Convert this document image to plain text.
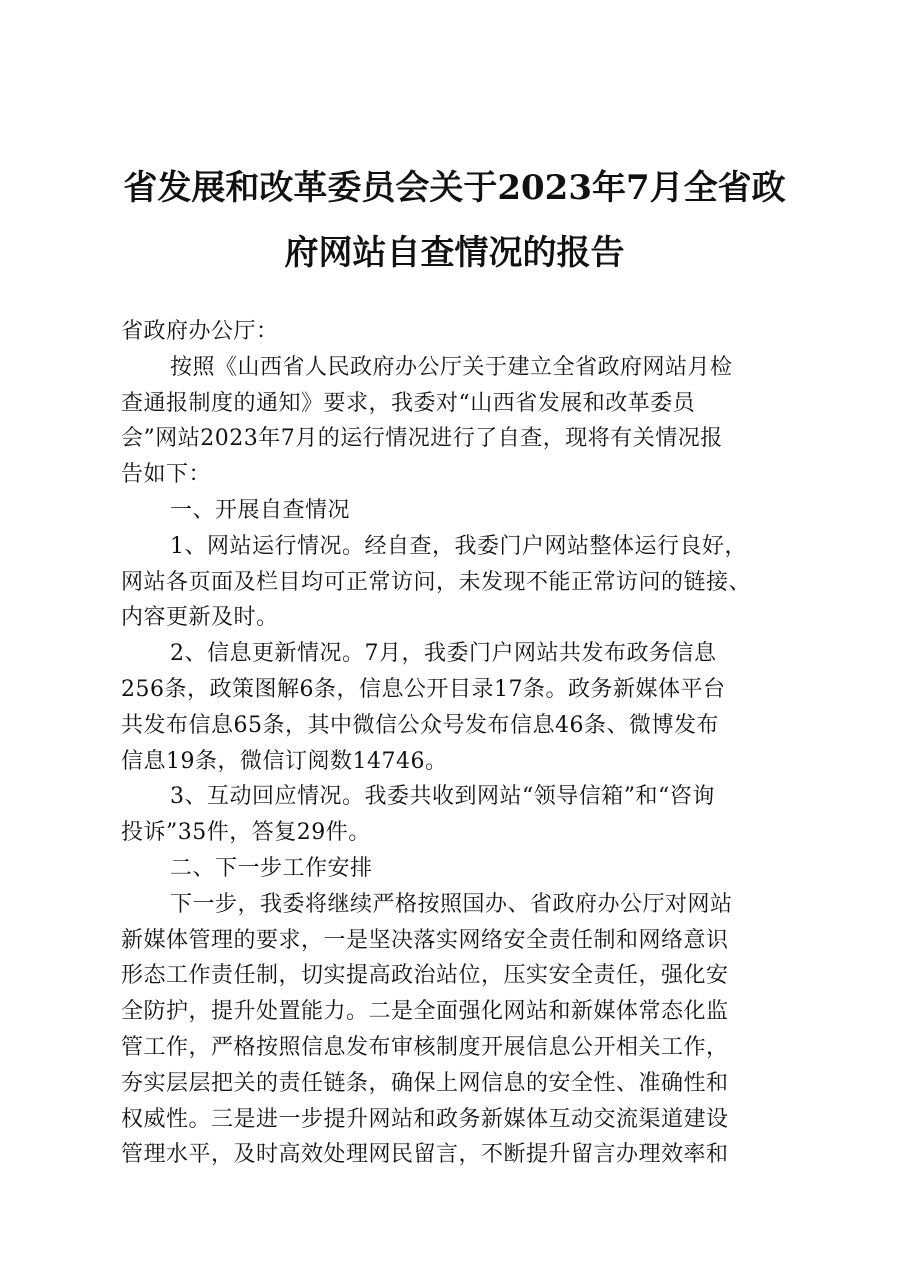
省发展和改革委员会关于2023年7月全省政
府网站自查情况的报告
省政府办公厅：
按照《山西省人民政府办公厅关于建立全省政府网站月检
查通报制度的通知》要求，我委对“山西省发展和改革委员
会”网站2023年7月的运行情况进行了自查，现将有关情况报
告如下：
一、开展自查情况
1、网站运行情况。经自查，我委门户网站整体运行良好，
网站各页面及栏目均可正常访问，未发现不能正常访问的链接、
内容更新及时。
2、信息更新情况。7月，我委门户网站共发布政务信息
256条，政策图解6条，信息公开目录17条。政务新媒体平台
共发布信息65条，其中微信公众号发布信息46条、微博发布
信息19条，微信订阅数14746。
3、互动回应情况。我委共收到网站“领导信箱”和“咨询
投诉”35件，答复29件。
二、下一步工作安排
下一步，我委将继续严格按照国办、省政府办公厅对网站
新媒体管理的要求，一是坚决落实网络安全责任制和网络意识
形态工作责任制，切实提高政治站位，压实安全责任，强化安
全防护，提升处置能力。二是全面强化网站和新媒体常态化监
管工作，严格按照信息发布审核制度开展信息公开相关工作，
夯实层层把关的责任链条，确保上网信息的安全性、准确性和
权威性。三是进一步提升网站和政务新媒体互动交流渠道建设
管理水平，及时高效处理网民留言，不断提升留言办理效率和
